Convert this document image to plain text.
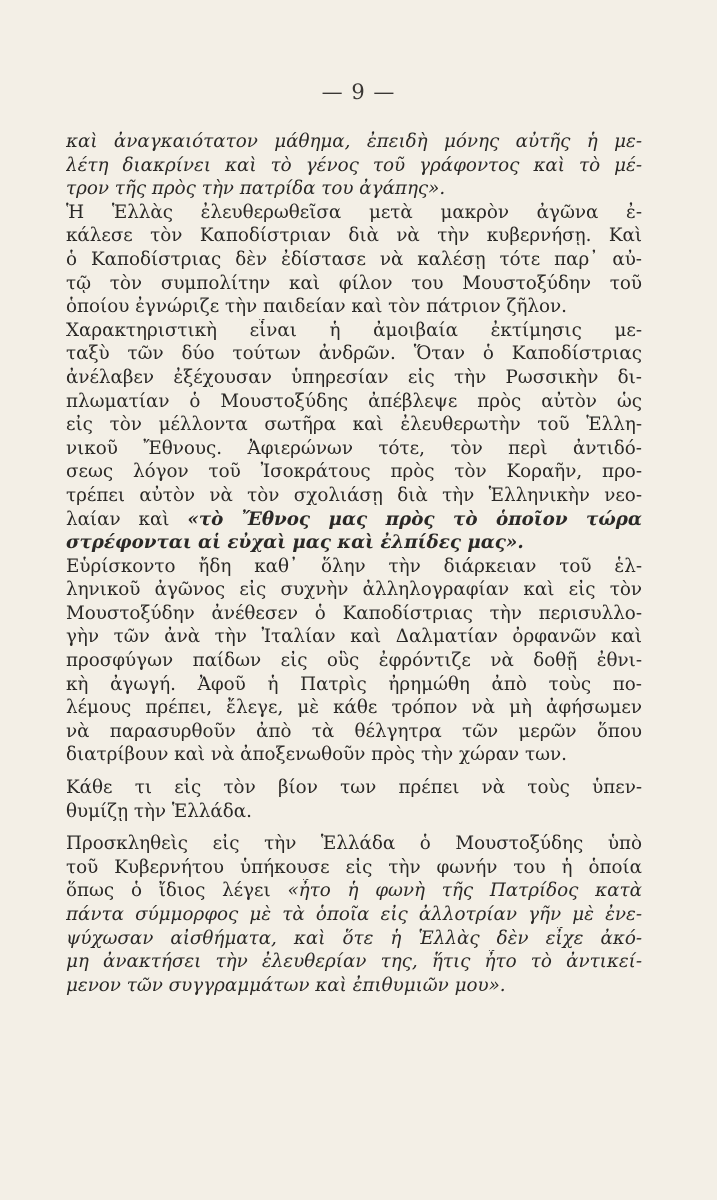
— 9 —
καὶ ἀναγκαιότατον μάθημα, ἐπειδὴ μόνης αὐτῆς ἡ με-
λέτη διακρίνει καὶ τὸ γένος τοῦ γράφοντος καὶ τὸ μέ-
τρον τῆς πρὸς τὴν πατρίδα του ἀγάπης».
Ἡ Ἑλλὰς ἐλευθερωθεῖσα μετὰ μακρὸν ἀγῶνα ἐ-
κάλεσε τὸν Καποδίστριαν διὰ νὰ τὴν κυβερνήσῃ. Καὶ
ὁ Καποδίστριας δὲν ἐδίστασε νὰ καλέσῃ τότε παρ᾽ αὐ-
τῷ τὸν συμπολίτην καὶ φίλον του Μουστοξύδην τοῦ
ὁποίου ἐγνώριζε τὴν παιδείαν καὶ τὸν πάτριον ζῆλον.
Χαρακτηριστικὴ εἶναι ἡ ἀμοιβαία ἐκτίμησις με-
ταξὺ τῶν δύο τούτων ἀνδρῶν. Ὅταν ὁ Καποδίστριας
ἀνέλαβεν ἐξέχουσαν ὑπηρεσίαν εἰς τὴν Ρωσσικὴν δι-
πλωματίαν ὁ Μουστοξύδης ἀπέβλεψε πρὸς αὐτὸν ὡς
εἰς τὸν μέλλοντα σωτῆρα καὶ ἐλευθερωτὴν τοῦ Ἑλλη-
νικοῦ Ἔθνους. Ἀφιερώνων τότε, τὸν περὶ ἀντιδό-
σεως λόγον τοῦ Ἰσοκράτους πρὸς τὸν Κοραῆν, προ-
τρέπει αὐτὸν νὰ τὸν σχολιάσῃ διὰ τὴν Ἑλληνικὴν νεο-
λαίαν καὶ «τὸ Ἔθνος μας πρὸς τὸ ὁποῖον τώρα
στρέφονται αἱ εὐχαὶ μας καὶ ἐλπίδες μας».
Εὑρίσκοντο ἤδη καθ᾽ ὅλην τὴν διάρκειαν τοῦ ἑλ-
ληνικοῦ ἀγῶνος εἰς συχνὴν ἀλληλογραφίαν καὶ εἰς τὸν
Μουστοξύδην ἀνέθεσεν ὁ Καποδίστριας τὴν περισυλλο-
γὴν τῶν ἀνὰ τὴν Ἰταλίαν καὶ Δαλματίαν ὀρφανῶν καὶ
προσφύγων παίδων εἰς οὓς ἐφρόντιζε νὰ δοθῇ ἐθνι-
κὴ ἀγωγή. Ἀφοῦ ἡ Πατρὶς ἠρημώθη ἀπὸ τοὺς πο-
λέμους πρέπει, ἔλεγε, μὲ κάθε τρόπον νὰ μὴ ἀφήσωμεν
νὰ παρασυρθοῦν ἀπὸ τὰ θέλγητρα τῶν μερῶν ὅπου
διατρίβουν καὶ νὰ ἀποξενωθοῦν πρὸς τὴν χώραν των.
Κάθε τι εἰς τὸν βίον των πρέπει νὰ τοὺς ὑπεν-
θυμίζῃ τὴν Ἑλλάδα.
Προσκληθεὶς εἰς τὴν Ἑλλάδα ὁ Μουστοξύδης ὑπὸ
τοῦ Κυβερνήτου ὑπήκουσε εἰς τὴν φωνήν του ἡ ὁποία
ὅπως ὁ ἴδιος λέγει «ἦτο ἡ φωνὴ τῆς Πατρίδος κατὰ
πάντα σύμμορφος μὲ τὰ ὁποῖα εἰς ἀλλοτρίαν γῆν μὲ ἐνε-
ψύχωσαν αἰσθήματα, καὶ ὅτε ἡ Ἑλλὰς δὲν εἶχε ἀκό-
μη ἀνακτήσει τὴν ἐλευθερίαν της, ἥτις ἦτο τὸ ἀντικεί-
μενον τῶν συγγραμμάτων καὶ ἐπιθυμιῶν μου».
